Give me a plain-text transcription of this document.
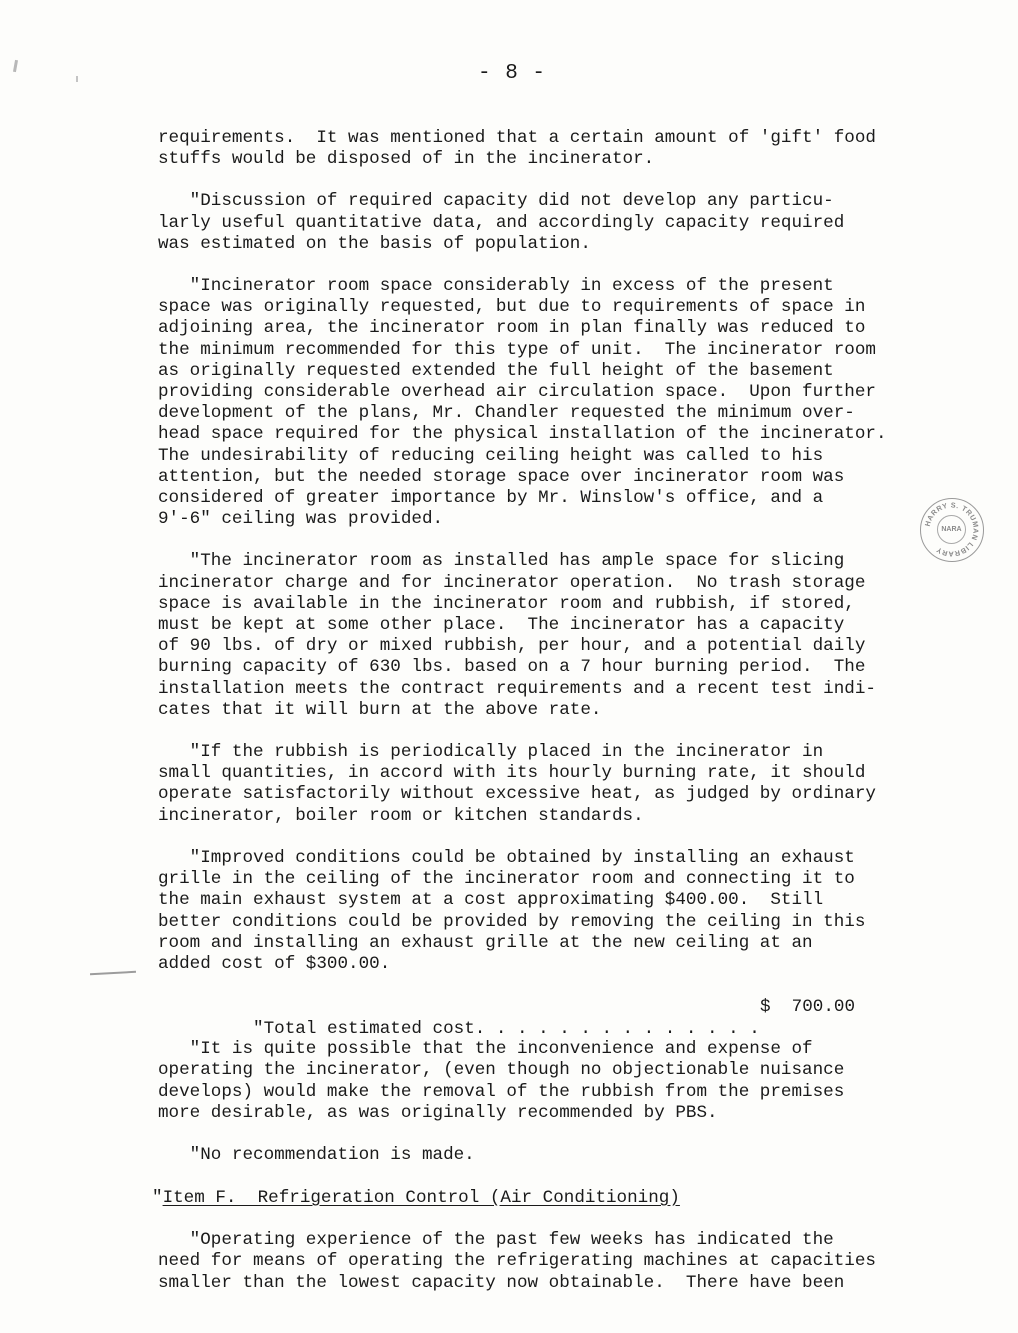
- 8 -
HARRY S. TRUMAN LIBRARY
NARA
requirements.  It was mentioned that a certain amount of 'gift' food
stuffs would be disposed of in the incinerator.
"Discussion of required capacity did not develop any particu-
larly useful quantitative data, and accordingly capacity required
was estimated on the basis of population.
"Incinerator room space considerably in excess of the present
space was originally requested, but due to requirements of space in
adjoining area, the incinerator room in plan finally was reduced to
the minimum recommended for this type of unit.  The incinerator room
as originally requested extended the full height of the basement
providing considerable overhead air circulation space.  Upon further
development of the plans, Mr. Chandler requested the minimum over-
head space required for the physical installation of the incinerator.
The undesirability of reducing ceiling height was called to his
attention, but the needed storage space over incinerator room was
considered of greater importance by Mr. Winslow's office, and a
9'-6" ceiling was provided.
"The incinerator room as installed has ample space for slicing
incinerator charge and for incinerator operation.  No trash storage
space is available in the incinerator room and rubbish, if stored,
must be kept at some other place.  The incinerator has a capacity
of 90 lbs. of dry or mixed rubbish, per hour, and a potential daily
burning capacity of 630 lbs. based on a 7 hour burning period.  The
installation meets the contract requirements and a recent test indi-
cates that it will burn at the above rate.
"If the rubbish is periodically placed in the incinerator in
small quantities, in accord with its hourly burning rate, it should
operate satisfactorily without excessive heat, as judged by ordinary
incinerator, boiler room or kitchen standards.
"Improved conditions could be obtained by installing an exhaust
grille in the ceiling of the incinerator room and connecting it to
the main exhaust system at a cost approximating $400.00.  Still
better conditions could be provided by removing the ceiling in this
room and installing an exhaust grille at the new ceiling at an
added cost of $300.00.

"Total estimated cost. . . . . . . . . . . . . .
$  700.00

"It is quite possible that the inconvenience and expense of
operating the incinerator, (even though no objectionable nuisance
develops) would make the removal of the rubbish from the premises
more desirable, as was originally recommended by PBS.
"No recommendation is made.
"Item F.  Refrigeration Control (Air Conditioning)
"Operating experience of the past few weeks has indicated the
need for means of operating the refrigerating machines at capacities
smaller than the lowest capacity now obtainable.  There have been
